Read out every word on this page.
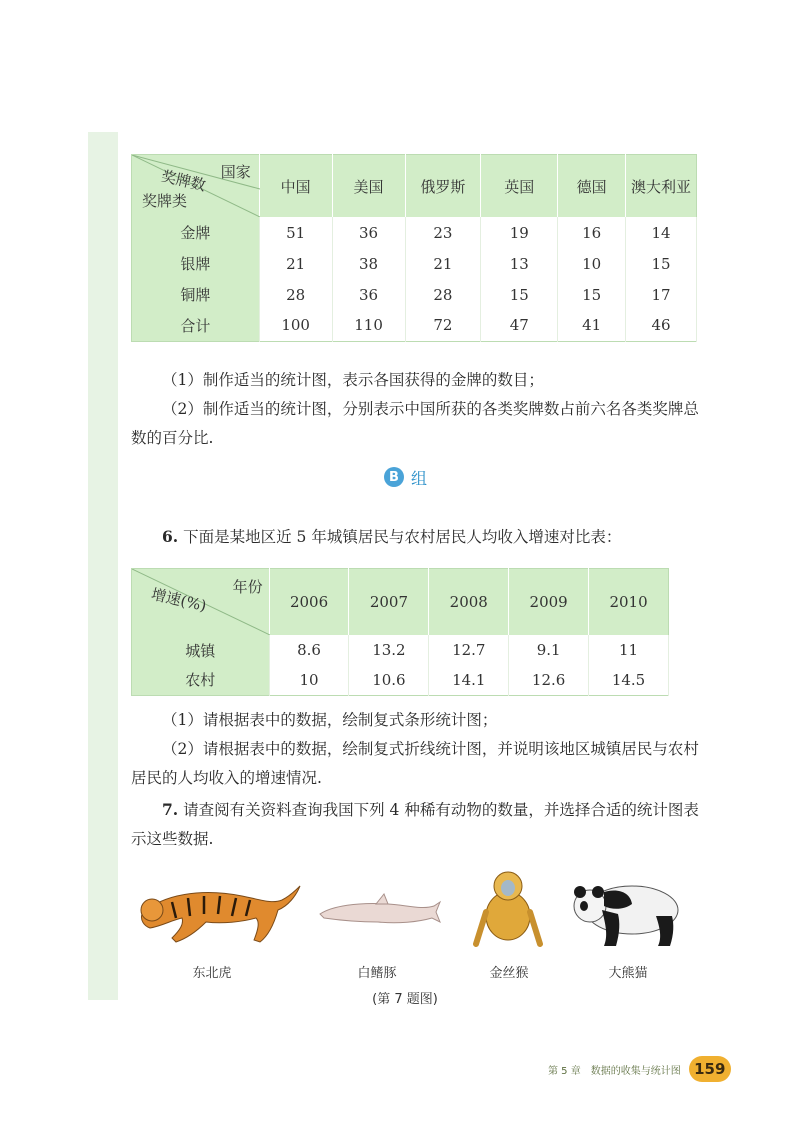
国家
奖牌数
奖牌类	中国	美国	俄罗斯	英国	德国	澳大利亚
金牌	51	36	23	19	16	14
银牌	21	38	21	13	10	15
铜牌	28	36	28	15	15	17
合计	100	110	72	47	41	46
（1）制作适当的统计图，表示各国获得的金牌的数目；
（2）制作适当的统计图，分别表示中国所获的各类奖牌数占前六名各类奖牌总数的百分比.
B 组
6. 下面是某地区近 5 年城镇居民与农村居民人均收入增速对比表：
年份
增速(%)	2006	2007	2008	2009	2010
城镇	8.6	13.2	12.7	9.1	11
农村	10	10.6	14.1	12.6	14.5
（1）请根据表中的数据，绘制复式条形统计图；
（2）请根据表中的数据，绘制复式折线统计图，并说明该地区城镇居民与农村居民的人均收入的增速情况.
7. 请查阅有关资料查询我国下列 4 种稀有动物的数量，并选择合适的统计图表示这些数据.
东北虎	白鳍豚	金丝猴	大熊猫
(第 7 题图)
第 5 章　数据的收集与统计图 159
